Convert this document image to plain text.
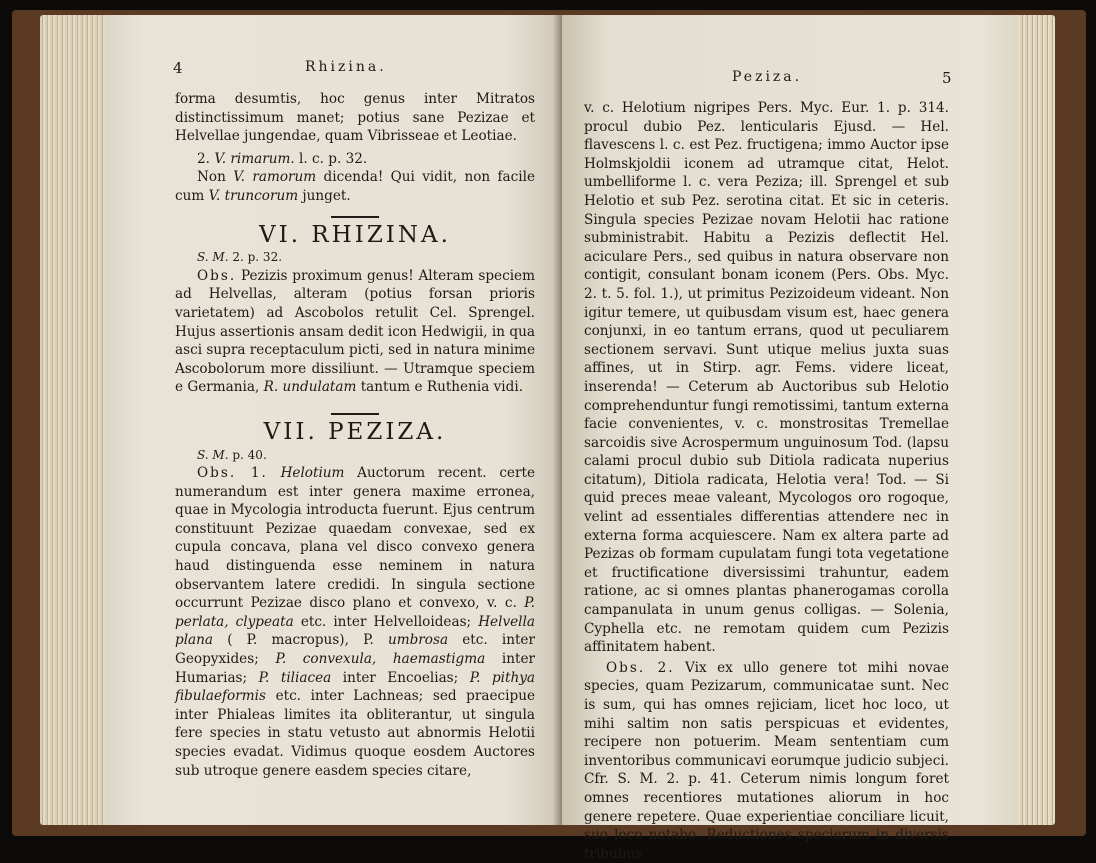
4	Rhizina.

forma desumtis, hoc genus inter Mitratos distinctissimum manet; potius sane Pezizae et Helvellae jungendae, quam Vibrisseae et Leotiae.

2. V. rimarum. l. c. p. 32.

Non V. ramorum dicenda! Qui vidit, non facile cum V. truncorum junget.

VI. RHIZINA.

S. M. 2. p. 32.

Obs. Pezizis proximum genus! Alteram speciem ad Helvellas, alteram (potius forsan prioris varietatem) ad Ascobolos retulit Cel. Sprengel. Hujus assertionis ansam dedit icon Hedwigii, in qua asci supra receptaculum picti, sed in natura minime Ascobolorum more dissiliunt. — Utramque speciem e Germania, R. undulatam tantum e Ruthenia vidi.

VII. PEZIZA.

S. M. p. 40.

Obs. 1. Helotium Auctorum recent. certe numerandum est inter genera maxime erronea, quae in Mycologia introducta fuerunt. Ejus centrum constituunt Pezizae quaedam convexae, sed ex cupula concava, plana vel disco convexo genera haud distinguenda esse neminem in natura observantem latere credidi. In singula sectione occurrunt Pezizae disco plano et convexo, v. c. P. perlata, clypeata etc. inter Helvelloideas; Helvella plana ( P. macropus), P. umbrosa etc. inter Geopyxides; P. convexula, haemastigma inter Humarias; P. tiliacea inter Encoelias; P. pithya fibulaeformis etc. inter Lachneas; sed praecipue inter Phialeas limites ita obliterantur, ut singula fere species in statu vetusto aut abnormis Helotii species evadat. Vidimus quoque eosdem Auctores sub utroque genere easdem species citare,

Peziza.	5

v. c. Helotium nigripes Pers. Myc. Eur. 1. p. 314. procul dubio Pez. lenticularis Ejusd. — Hel. flavescens l. c. est Pez. fructigena; immo Auctor ipse Holmskjoldii iconem ad utramque citat, Helot. umbelliforme l. c. vera Peziza; ill. Sprengel et sub Helotio et sub Pez. serotina citat. Et sic in ceteris. Singula species Pezizae novam Helotii hac ratione subministrabit. Habitu a Pezizis deflectit Hel. aciculare Pers., sed quibus in natura observare non contigit, consulant bonam iconem (Pers. Obs. Myc. 2. t. 5. fol. 1.), ut primitus Pezizoideum videant. Non igitur temere, ut quibusdam visum est, haec genera conjunxi, in eo tantum errans, quod ut peculiarem sectionem servavi. Sunt utique melius juxta suas affines, ut in Stirp. agr. Fems. videre liceat, inserenda! — Ceterum ab Auctoribus sub Helotio comprehenduntur fungi remotissimi, tantum externa facie convenientes, v. c. monstrositas Tremellae sarcoidis sive Acrospermum unguinosum Tod. (lapsu calami procul dubio sub Ditiola radicata nuperius citatum), Ditiola radicata, Helotia vera! Tod. — Si quid preces meae valeant, Mycologos oro rogoque, velint ad essentiales differentias attendere nec in externa forma acquiescere. Nam ex altera parte ad Pezizas ob formam cupulatam fungi tota vegetatione et fructificatione diversissimi trahuntur, eadem ratione, ac si omnes plantas phanerogamas corolla campanulata in unum genus colligas. — Solenia, Cyphella etc. ne remotam quidem cum Pezizis affinitatem habent.

Obs. 2. Vix ex ullo genere tot mihi novae species, quam Pezizarum, communicatae sunt. Nec is sum, qui has omnes rejiciam, licet hoc loco, ut mihi saltim non satis perspicuas et evidentes, recipere non potuerim. Meam sententiam cum inventoribus communicavi eorumque judicio subjeci. Cfr. S. M. 2. p. 41. Ceterum nimis longum foret omnes recentiores mutationes aliorum in hoc genere repetere. Quae experientiae conciliare licuit, suo loco notabo. Reductiones specierum in diversis tribubus
